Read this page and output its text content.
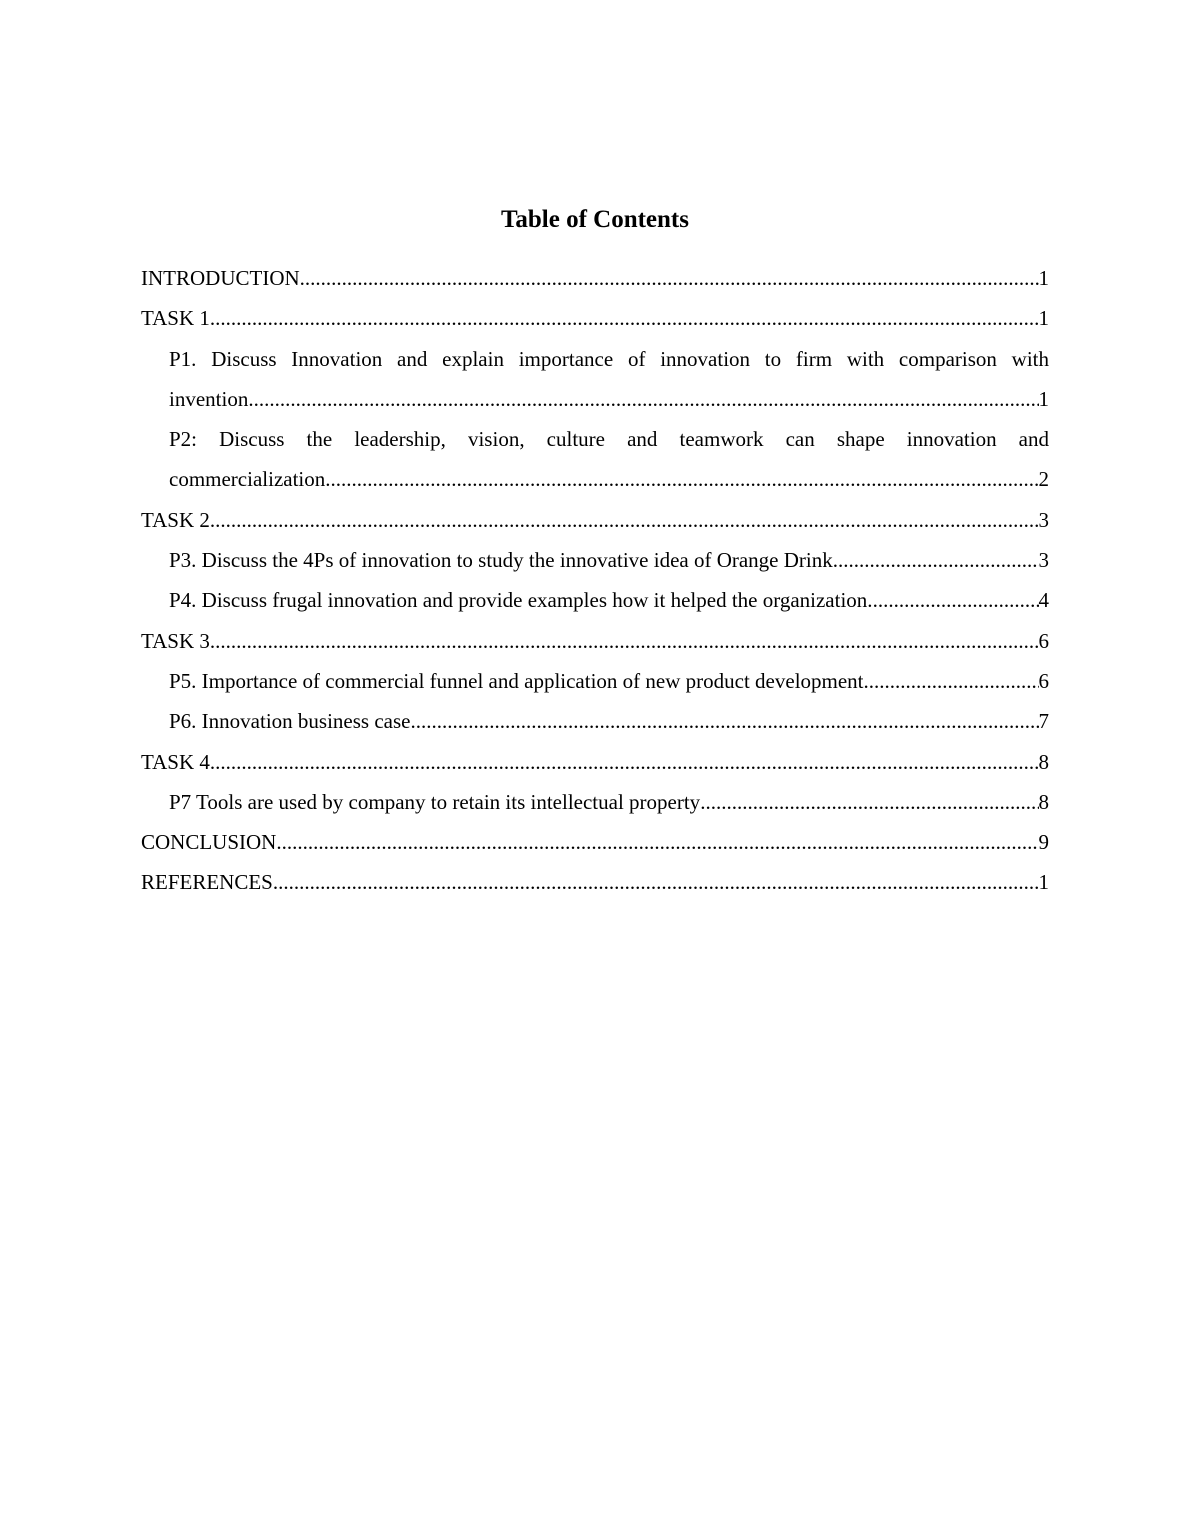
Table of Contents
INTRODUCTION .....	1
TASK 1 .....	1
P1. Discuss Innovation and explain importance of innovation to firm with comparison with
invention. .....	1
P2: Discuss the leadership, vision, culture and teamwork can shape innovation and
commercialization. .....	2
TASK 2 .....	3
P3. Discuss the 4Ps of innovation to study the innovative idea of Orange Drink. .....	3
P4. Discuss frugal innovation and provide examples how it helped the organization. .....	4
TASK 3 .....	6
P5. Importance of commercial funnel and application of new product development. .....	6
P6. Innovation business case .....	7
TASK 4 .....	8
P7 Tools are used by company to retain its intellectual property .....	8
CONCLUSION .....	9
REFERENCES .....	1
